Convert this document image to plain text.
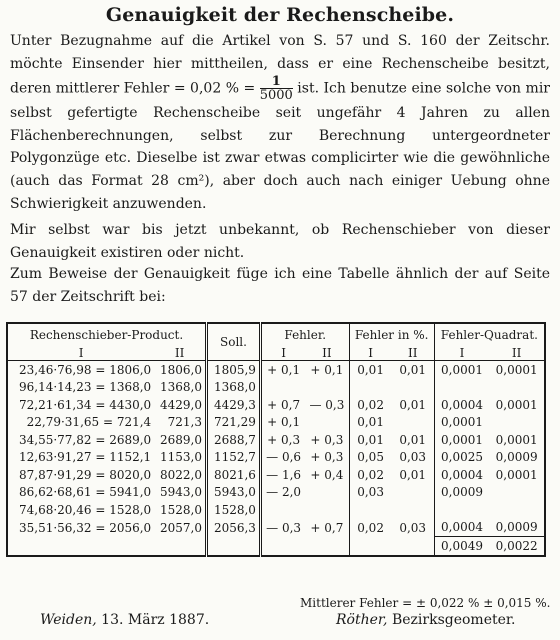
Genauigkeit der Rechenscheibe.

Unter Bezugnahme auf die Artikel von S. 57 und S. 160 der Zeitschr. möchte Einsender hier mittheilen, dass er eine Rechenscheibe besitzt, deren mittlerer Fehler = 0,02 % = $\frac{1}{5000}$ ist. Ich benutze eine solche von mir selbst gefertigte Rechenscheibe seit ungefähr 4 Jahren zu allen Flächenberechnungen, selbst zur Berechnung untergeordneter Polygonzüge etc. Dieselbe ist zwar etwas complicirter wie die gewöhnliche (auch das Format 28 cm²), aber doch auch nach einiger Uebung ohne Schwierigkeit anzuwenden.

Mir selbst war bis jetzt unbekannt, ob Rechenschieber von dieser Genauigkeit existiren oder nicht.

Zum Beweise der Genauigkeit füge ich eine Tabelle ähnlich der auf Seite 57 der Zeitschrift bei:

Rechenschieber-Product.		Soll.	Fehler.		Fehler in %.		Fehler-Quadrat.	
I	II		I	II	I	II	I	II
23,46·76,98 = 1806,0	1806,0	1805,9	+ 0,1	+ 0,1	0,01	0,01	0,0001	0,0001
96,14·14,23 = 1368,0	1368,0	1368,0						
72,21·61,34 = 4430,0	4429,0	4429,3	+ 0,7	— 0,3	0,02	0,01	0,0004	0,0001
22,79·31,65 = 721,4	721,3	721,29	+ 0,1		0,01		0,0001	
34,55·77,82 = 2689,0	2689,0	2688,7	+ 0,3	+ 0,3	0,01	0,01	0,0001	0,0001
12,63·91,27 = 1152,1	1153,0	1152,7	— 0,6	+ 0,3	0,05	0,03	0,0025	0,0009
87,87·91,29 = 8020,0	8022,0	8021,6	— 1,6	+ 0,4	0,02	0,01	0,0004	0,0001
86,62·68,61 = 5941,0	5943,0	5943,0	— 2,0		0,03		0,0009	
74,68·20,46 = 1528,0	1528,0	1528,0						
35,51·56,32 = 2056,0	2057,0	2056,3	— 0,3	+ 0,7	0,02	0,03	0,0004	0,0009
							0,0049	0,0022
Mittlerer Fehler = ± 0,022 % ± 0,015 %.
Weiden, 13. März 1887.	Röther, Bezirksgeometer.
